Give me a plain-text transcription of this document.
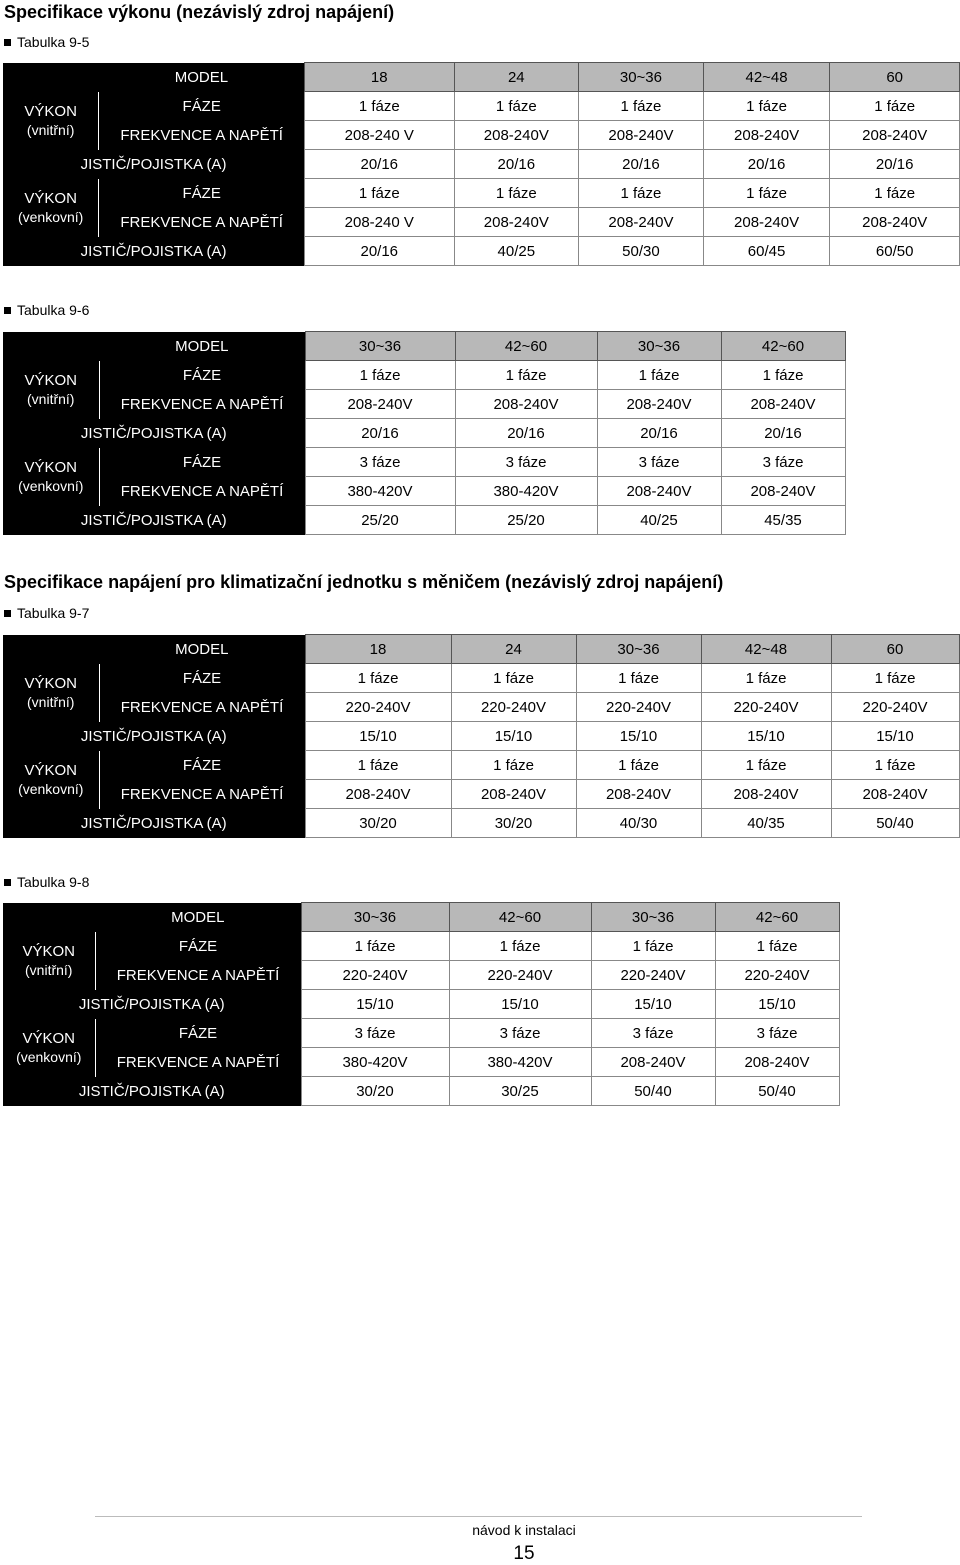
Specifikace výkonu (nezávislý zdroj napájení)
Tabulka 9-5
	MODEL	18	24	30~36	42~48	60

VÝKON
(vnitřní)	FÁZE	1 fáze	1 fáze	1 fáze	1 fáze	1 fáze
	FREKVENCE A NAPĚTÍ	208-240 V	208-240V	208-240V	208-240V	208-240V
JISTIČ/POJISTKA (A)		20/16	20/16	20/16	20/16	20/16

VÝKON
(venkovní)	FÁZE	1 fáze	1 fáze	1 fáze	1 fáze	1 fáze
	FREKVENCE A NAPĚTÍ	208-240 V	208-240V	208-240V	208-240V	208-240V
JISTIČ/POJISTKA (A)		20/16	40/25	50/30	60/45	60/50
Tabulka 9-6
	MODEL	30~36	42~60	30~36	42~60

VÝKON
(vnitřní)	FÁZE	1 fáze	1 fáze	1 fáze	1 fáze
	FREKVENCE A NAPĚTÍ	208-240V	208-240V	208-240V	208-240V
JISTIČ/POJISTKA (A)		20/16	20/16	20/16	20/16

VÝKON
(venkovní)	FÁZE	3 fáze	3 fáze	3 fáze	3 fáze
	FREKVENCE A NAPĚTÍ	380-420V	380-420V	208-240V	208-240V
JISTIČ/POJISTKA (A)		25/20	25/20	40/25	45/35
Specifikace napájení pro klimatizační jednotku s měničem (nezávislý zdroj napájení)
Tabulka 9-7
	MODEL	18	24	30~36	42~48	60

VÝKON
(vnitřní)	FÁZE	1 fáze	1 fáze	1 fáze	1 fáze	1 fáze
	FREKVENCE A NAPĚTÍ	220-240V	220-240V	220-240V	220-240V	220-240V
JISTIČ/POJISTKA (A)		15/10	15/10	15/10	15/10	15/10

VÝKON
(venkovní)	FÁZE	1 fáze	1 fáze	1 fáze	1 fáze	1 fáze
	FREKVENCE A NAPĚTÍ	208-240V	208-240V	208-240V	208-240V	208-240V
JISTIČ/POJISTKA (A)		30/20	30/20	40/30	40/35	50/40
Tabulka 9-8
	MODEL	30~36	42~60	30~36	42~60

VÝKON
(vnitřní)	FÁZE	1 fáze	1 fáze	1 fáze	1 fáze
	FREKVENCE A NAPĚTÍ	220-240V	220-240V	220-240V	220-240V
JISTIČ/POJISTKA (A)		15/10	15/10	15/10	15/10

VÝKON
(venkovní)	FÁZE	3 fáze	3 fáze	3 fáze	3 fáze
	FREKVENCE A NAPĚTÍ	380-420V	380-420V	208-240V	208-240V
JISTIČ/POJISTKA (A)		30/20	30/25	50/40	50/40
návod k instalaci
15
